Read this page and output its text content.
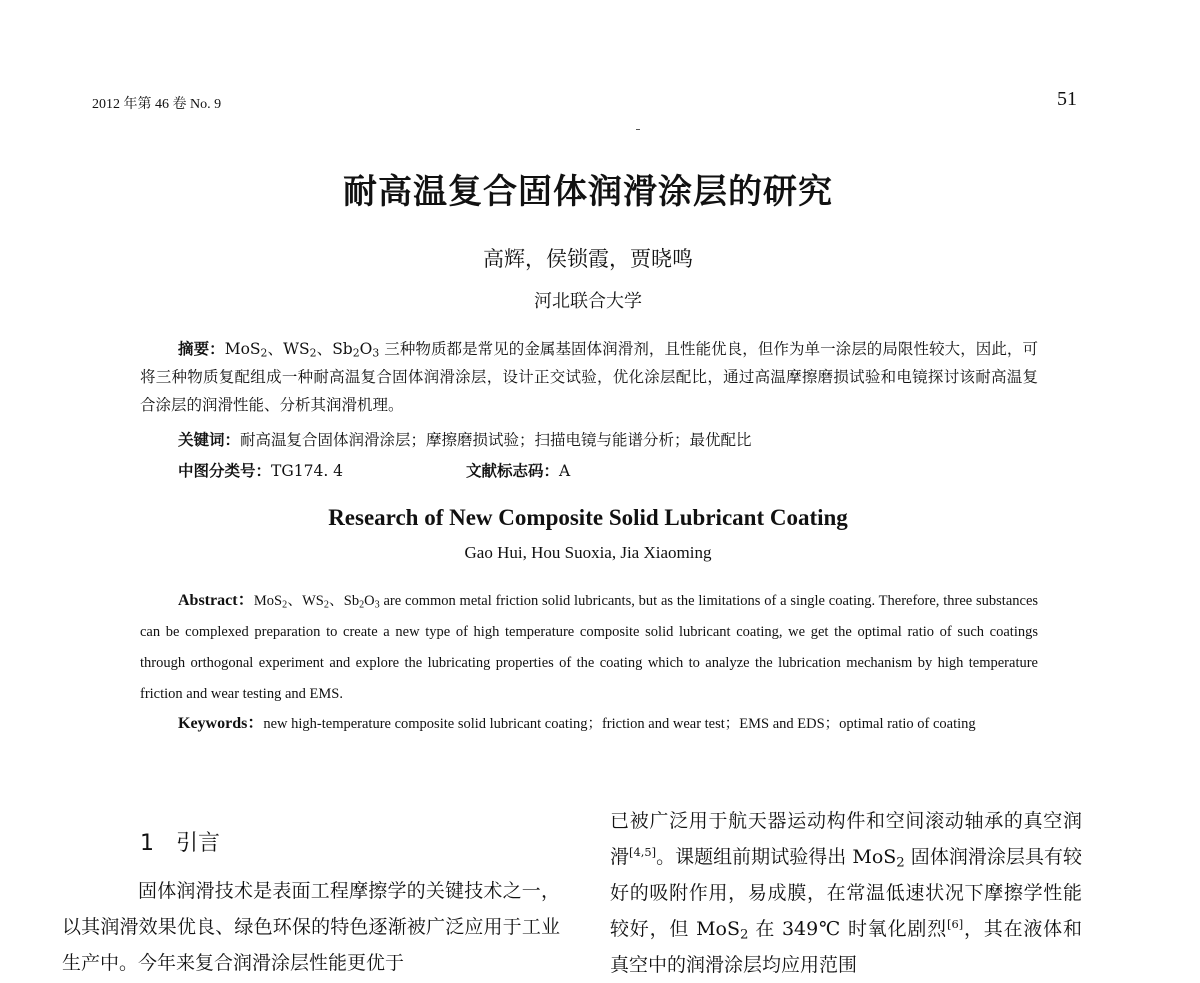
2012 年第 46 卷 No. 9	51
耐高温复合固体润滑涂层的研究
高辉，侯锁霞，贾晓鸣
河北联合大学
摘要：MoS$_2$、$WS_2$、$Sb_2O_3$ 三种物质都是常见的金属基固体润滑剂，且性能优良，但作为单一涂层的局限性较大，因此，可将三种物质复配组成一种耐高温复合固体润滑涂层，设计正交试验，优化涂层配比，通过高温摩擦磨损试验和电镜探讨该耐高温复合涂层的润滑性能、分析其润滑机理。
关键词：耐高温复合固体润滑涂层；摩擦磨损试验；扫描电镜与能谱分析；最优配比
中图分类号：TG174. 4	文献标志码：A
Research of New Composite Solid Lubricant Coating
Gao Hui, Hou Suoxia, Jia Xiaoming
Abstract：MoS$_2$、$WS_2$、$Sb_2O_3$ are common metal friction solid lubricants, but as the limitations of a single coating. Therefore, three substances can be complexed preparation to create a new type of high temperature composite solid lubricant coating, we get the optimal ratio of such coatings through orthogonal experiment and explore the lubricating properties of the coating which to analyze the lubrication mechanism by high temperature friction and wear testing and EMS.
Keywords：new high-temperature composite solid lubricant coating；friction and wear test；EMS and EDS；optimal ratio of coating
1 引言
固体润滑技术是表面工程摩擦学的关键技术之一，以其润滑效果优良、绿色环保的特色逐渐被广泛应用于工业生产中。今年来复合润滑涂层性能更优于
已被广泛用于航天器运动构件和空间滚动轴承的真空润滑[4,5]。课题组前期试验得出 MoS$_2$ 固体润滑涂层具有较好的吸附作用，易成膜，在常温低速状况下摩擦学性能较好，但 MoS$_2$ 在 349℃ 时氧化剧烈[6]，其在液体和真空中的润滑涂层均应用范围
